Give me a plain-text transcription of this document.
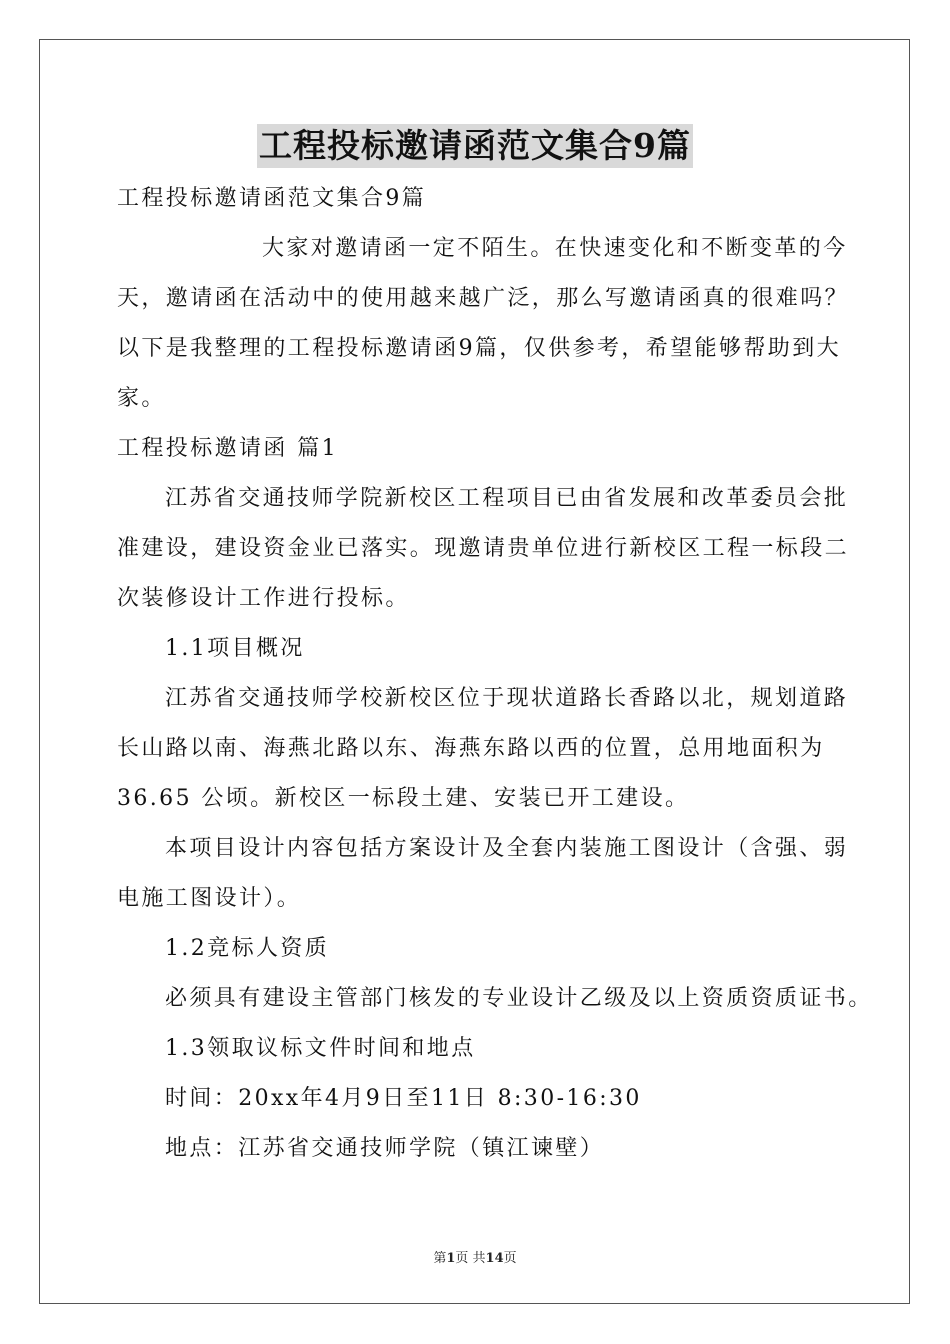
工程投标邀请函范文集合9篇
工程投标邀请函范文集合9篇
大家对邀请函一定不陌生。在快速变化和不断变革的今
天，邀请函在活动中的使用越来越广泛，那么写邀请函真的很难吗？
以下是我整理的工程投标邀请函9篇，仅供参考，希望能够帮助到大
家。
工程投标邀请函 篇1
江苏省交通技师学院新校区工程项目已由省发展和改革委员会批
准建设，建设资金业已落实。现邀请贵单位进行新校区工程一标段二
次装修设计工作进行投标。
1.1项目概况
江苏省交通技师学校新校区位于现状道路长香路以北，规划道路
长山路以南、海燕北路以东、海燕东路以西的位置，总用地面积为
36.65 公顷。新校区一标段土建、安装已开工建设。
本项目设计内容包括方案设计及全套内装施工图设计（含强、弱
电施工图设计）。
1.2竞标人资质
必须具有建设主管部门核发的专业设计乙级及以上资质资质证书。
1.3领取议标文件时间和地点
时间：20xx年4月9日至11日 8:30-16:30
地点：江苏省交通技师学院（镇江谏壁）
第1页 共14页
